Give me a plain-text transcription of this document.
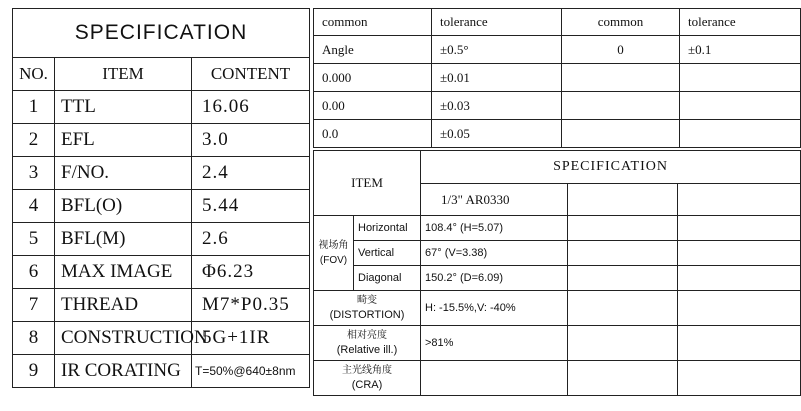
SPECIFICATION		
NO.	ITEM	CONTENT
1	TTL	16.06
2	EFL	3.0
3	F/NO.	2.4
4	BFL(O)	5.44
5	BFL(M)	2.6
6	MAX IMAGE	Φ6.23
7	THREAD	M7*P0.35
8	CONSTRUCTION	5G+1IR
9	IR CORATING	T=50%@640±8nm
common	tolerance	common	tolerance
Angle	±0.5°	0	±0.1
0.000	±0.01		
0.00	±0.03		
0.0	±0.05		
ITEM		SPECIFICATION		
		1/3" AR0330		
视场角
(FOV)	Horizontal	108.4° (H=5.07)		
	Vertical	67° (V=3.38)		
	Diagonal	150.2° (D=6.09)		
畸变
(DISTORTION)		H: -15.5%,V: -40%		
相对亮度
(Relative ill.)		>81%		
主光线角度
(CRA)				
